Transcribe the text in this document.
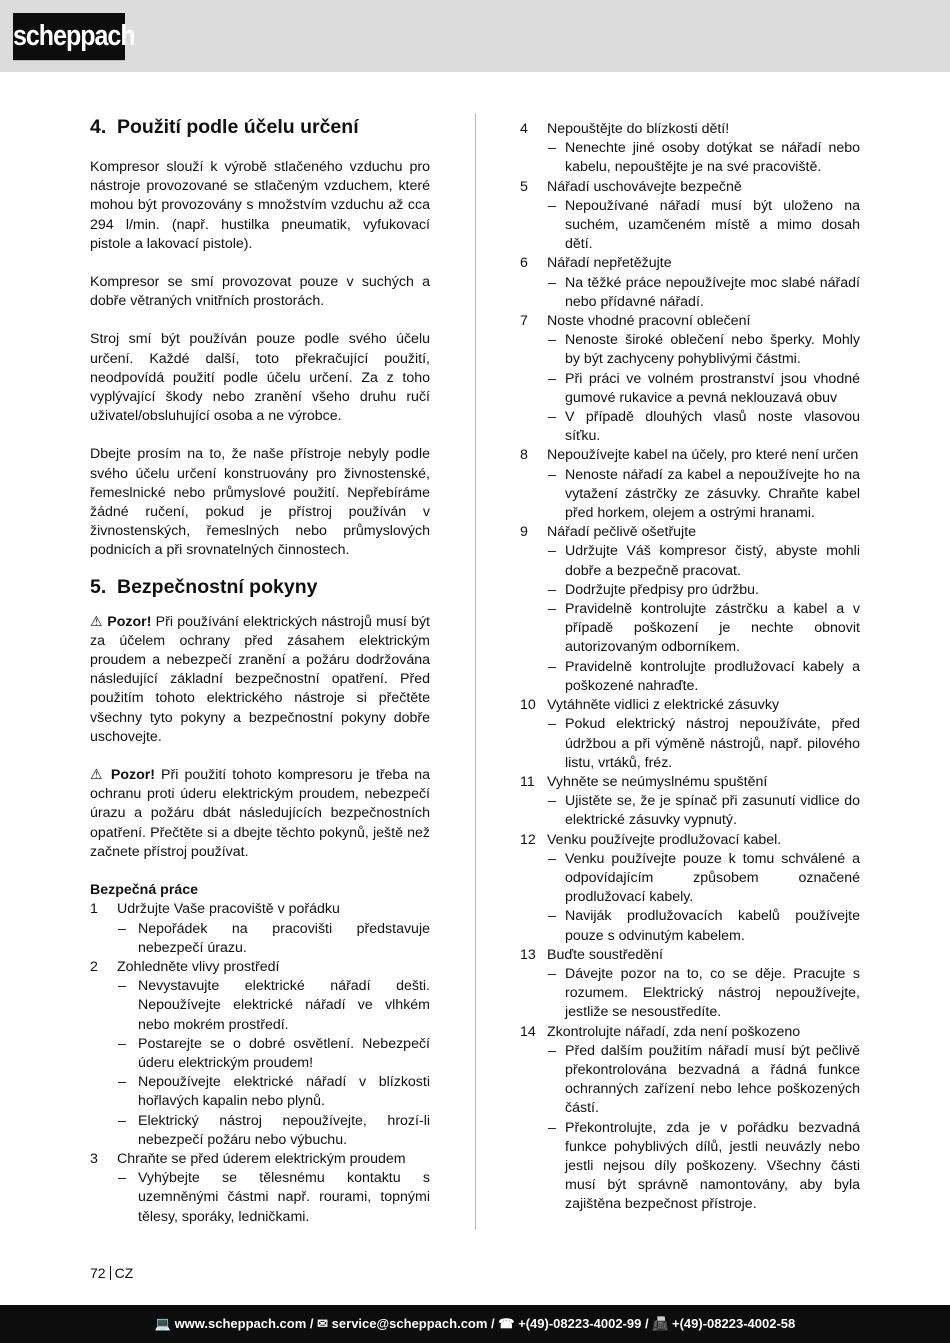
scheppach
4. Použití podle účelu určení

Kompresor slouží k výrobě stlačeného vzduchu pro nástroje provozované se stlačeným vzduchem, které mohou být provozovány s množstvím vzduchu až cca 294 l/min. (např. hustilka pneumatik, vyfukovací pistole a lakovací pistole).

Kompresor se smí provozovat pouze v suchých a dobře větraných vnitřních prostorách.

Stroj smí být používán pouze podle svého účelu určení. Každé další, toto překračující použití, neodpovídá použití podle účelu určení. Za z toho vyplývající škody nebo zranění všeho druhu ručí uživatel/obsluhující osoba a ne výrobce.

Dbejte prosím na to, že naše přístroje nebyly podle svého účelu určení konstruovány pro živnostenské, řemeslnické nebo průmyslové použití. Nepřebíráme žádné ručení, pokud je přístroj používán v živnostenských, řemeslných nebo průmyslových podnicích a při srovnatelných činnostech.

5. Bezpečnostní pokyny

⚠ Pozor! Při používání elektrických nástrojů musí být za účelem ochrany před zásahem elektrickým proudem a nebezpečí zranění a požáru dodržována následující základní bezpečnostní opatření. Před použitím tohoto elektrického nástroje si přečtěte všechny tyto pokyny a bezpečnostní pokyny dobře uschovejte.

⚠ Pozor! Při použití tohoto kompresoru je třeba na ochranu proti úderu elektrickým proudem, nebezpečí úrazu a požáru dbát následujících bezpečnostních opatření. Přečtěte si a dbejte těchto pokynů, ještě než začnete přístroj používat.

Bezpečná práce
1 Udržujte Vaše pracoviště v pořádku
– Nepořádek na pracovišti představuje nebezpečí úrazu.
2 Zohledněte vlivy prostředí
– Nevystavujte elektrické nářadí dešti. Nepoužívejte elektrické nářadí ve vlhkém nebo mokrém prostředí.
– Postarejte se o dobré osvětlení. Nebezpečí úderu elektrickým proudem!
– Nepoužívejte elektrické nářadí v blízkosti hořlavých kapalin nebo plynů.
– Elektrický nástroj nepoužívejte, hrozí-li nebezpečí požáru nebo výbuchu.
3 Chraňte se před úderem elektrickým proudem
– Vyhýbejte se tělesnému kontaktu s uzemněnými částmi např. rourami, topnými tělesy, sporáky, ledničkami.
4 Nepouštějte do blízkosti dětí!
– Nenechte jiné osoby dotýkat se nářadí nebo kabelu, nepouštějte je na své pracoviště.
5 Nářadí uschovávejte bezpečně
– Nepoužívané nářadí musí být uloženo na suchém, uzamčeném místě a mimo dosah dětí.
6 Nářadí nepřetěžujte
– Na těžké práce nepoužívejte moc slabé nářadí nebo přídavné nářadí.
7 Noste vhodné pracovní oblečení
– Nenoste široké oblečení nebo šperky. Mohly by být zachyceny pohyblivými částmi.
– Při práci ve volném prostranství jsou vhodné gumové rukavice a pevná neklouzavá obuv
– V případě dlouhých vlasů noste vlasovou síťku.
8 Nepoužívejte kabel na účely, pro které není určen
– Nenoste nářadí za kabel a nepoužívejte ho na vytažení zástrčky ze zásuvky. Chraňte kabel před horkem, olejem a ostrými hranami.
9 Nářadí pečlivě ošetřujte
– Udržujte Váš kompresor čistý, abyste mohli dobře a bezpečně pracovat.
– Dodržujte předpisy pro údržbu.
– Pravidelně kontrolujte zástrčku a kabel a v případě poškození je nechte obnovit autorizovaným odborníkem.
– Pravidelně kontrolujte prodlužovací kabely a poškozené nahraďte.
10 Vytáhněte vidlici z elektrické zásuvky
– Pokud elektrický nástroj nepoužíváte, před údržbou a při výměně nástrojů, např. pilového listu, vrtáků, fréz.
11 Vyhněte se neúmyslnému spuštění
– Ujistěte se, že je spínač při zasunutí vidlice do elektrické zásuvky vypnutý.
12 Venku používejte prodlužovací kabel.
– Venku používejte pouze k tomu schválené a odpovídajícím způsobem označené prodlužovací kabely.
– Naviják prodlužovacích kabelů používejte pouze s odvinutým kabelem.
13 Buďte soustředění
– Dávejte pozor na to, co se děje. Pracujte s rozumem. Elektrický nástroj nepoužívejte, jestliže se nesoustředíte.
14 Zkontrolujte nářadí, zda není poškozeno
– Před dalším použitím nářadí musí být pečlivě překontrolována bezvadná a řádná funkce ochranných zařízení nebo lehce poškozených částí.
– Překontrolujte, zda je v pořádku bezvadná funkce pohyblivých dílů, jestli neuvázly nebo jestli nejsou díly poškozeny. Všechny části musí být správně namontovány, aby byla zajištěna bezpečnost přístroje.
72 CZ
💻 www.scheppach.com / ✉ service@scheppach.com / ☎ +(49)-08223-4002-99 / 📠 +(49)-08223-4002-58
